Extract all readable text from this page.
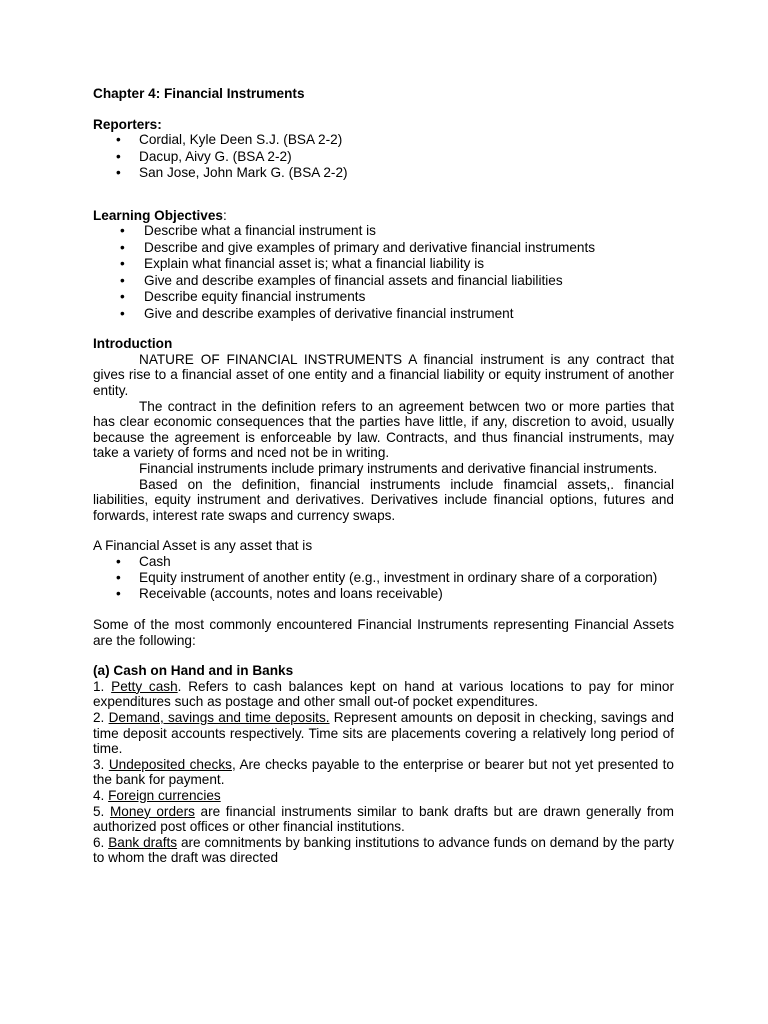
Chapter 4: Financial Instruments

Reporters:

• Cordial, Kyle Deen S.J. (BSA 2-2)
• Dacup, Aivy G. (BSA 2-2)
• San Jose, John Mark G. (BSA 2-2)

Learning Objectives:

• Describe what a financial instrument is
• Describe and give examples of primary and derivative financial instruments
• Explain what financial asset is; what a financial liability is
• Give and describe examples of financial assets and financial liabilities
• Describe equity financial instruments
• Give and describe examples of derivative financial instrument

Introduction

NATURE OF FINANCIAL INSTRUMENTS A financial instrument is any contract that gives rise to a financial asset of one entity and a financial liability or equity instrument of another entity.

The contract in the definition refers to an agreement betwcen two or more parties that has clear economic consequences that the parties have little, if any, discretion to avoid, usually because the agreement is enforceable by law. Contracts, and thus financial instruments, may take a variety of forms and nced not be in writing.

Financial instruments include primary instruments and derivative financial instruments.

Based on the definition, financial instruments include finamcial assets,. financial liabilities, equity instrument and derivatives. Derivatives include financial options, futures and forwards, interest rate swaps and currency swaps.

A Financial Asset is any asset that is

• Cash
• Equity instrument of another entity (e.g., investment in ordinary share of a corporation)
• Receivable (accounts, notes and loans receivable)

Some of the most commonly encountered Financial Instruments representing Financial Assets are the following:

(a) Cash on Hand and in Banks

1. Petty cash. Refers to cash balances kept on hand at various locations to pay for minor expenditures such as postage and other small out-of pocket expenditures.

2. Demand, savings and time deposits. Represent amounts on deposit in checking, savings and time deposit accounts respectively. Time sits are placements covering a relatively long period of time.

3. Undeposited checks, Are checks payable to the enterprise or bearer but not yet presented to the bank for payment.

4. Foreign currencies

5. Money orders are financial instruments similar to bank drafts but are drawn generally from authorized post offices or other financial institutions.

6. Bank drafts are comnitments by banking institutions to advance funds on demand by the party to whom the draft was directed
